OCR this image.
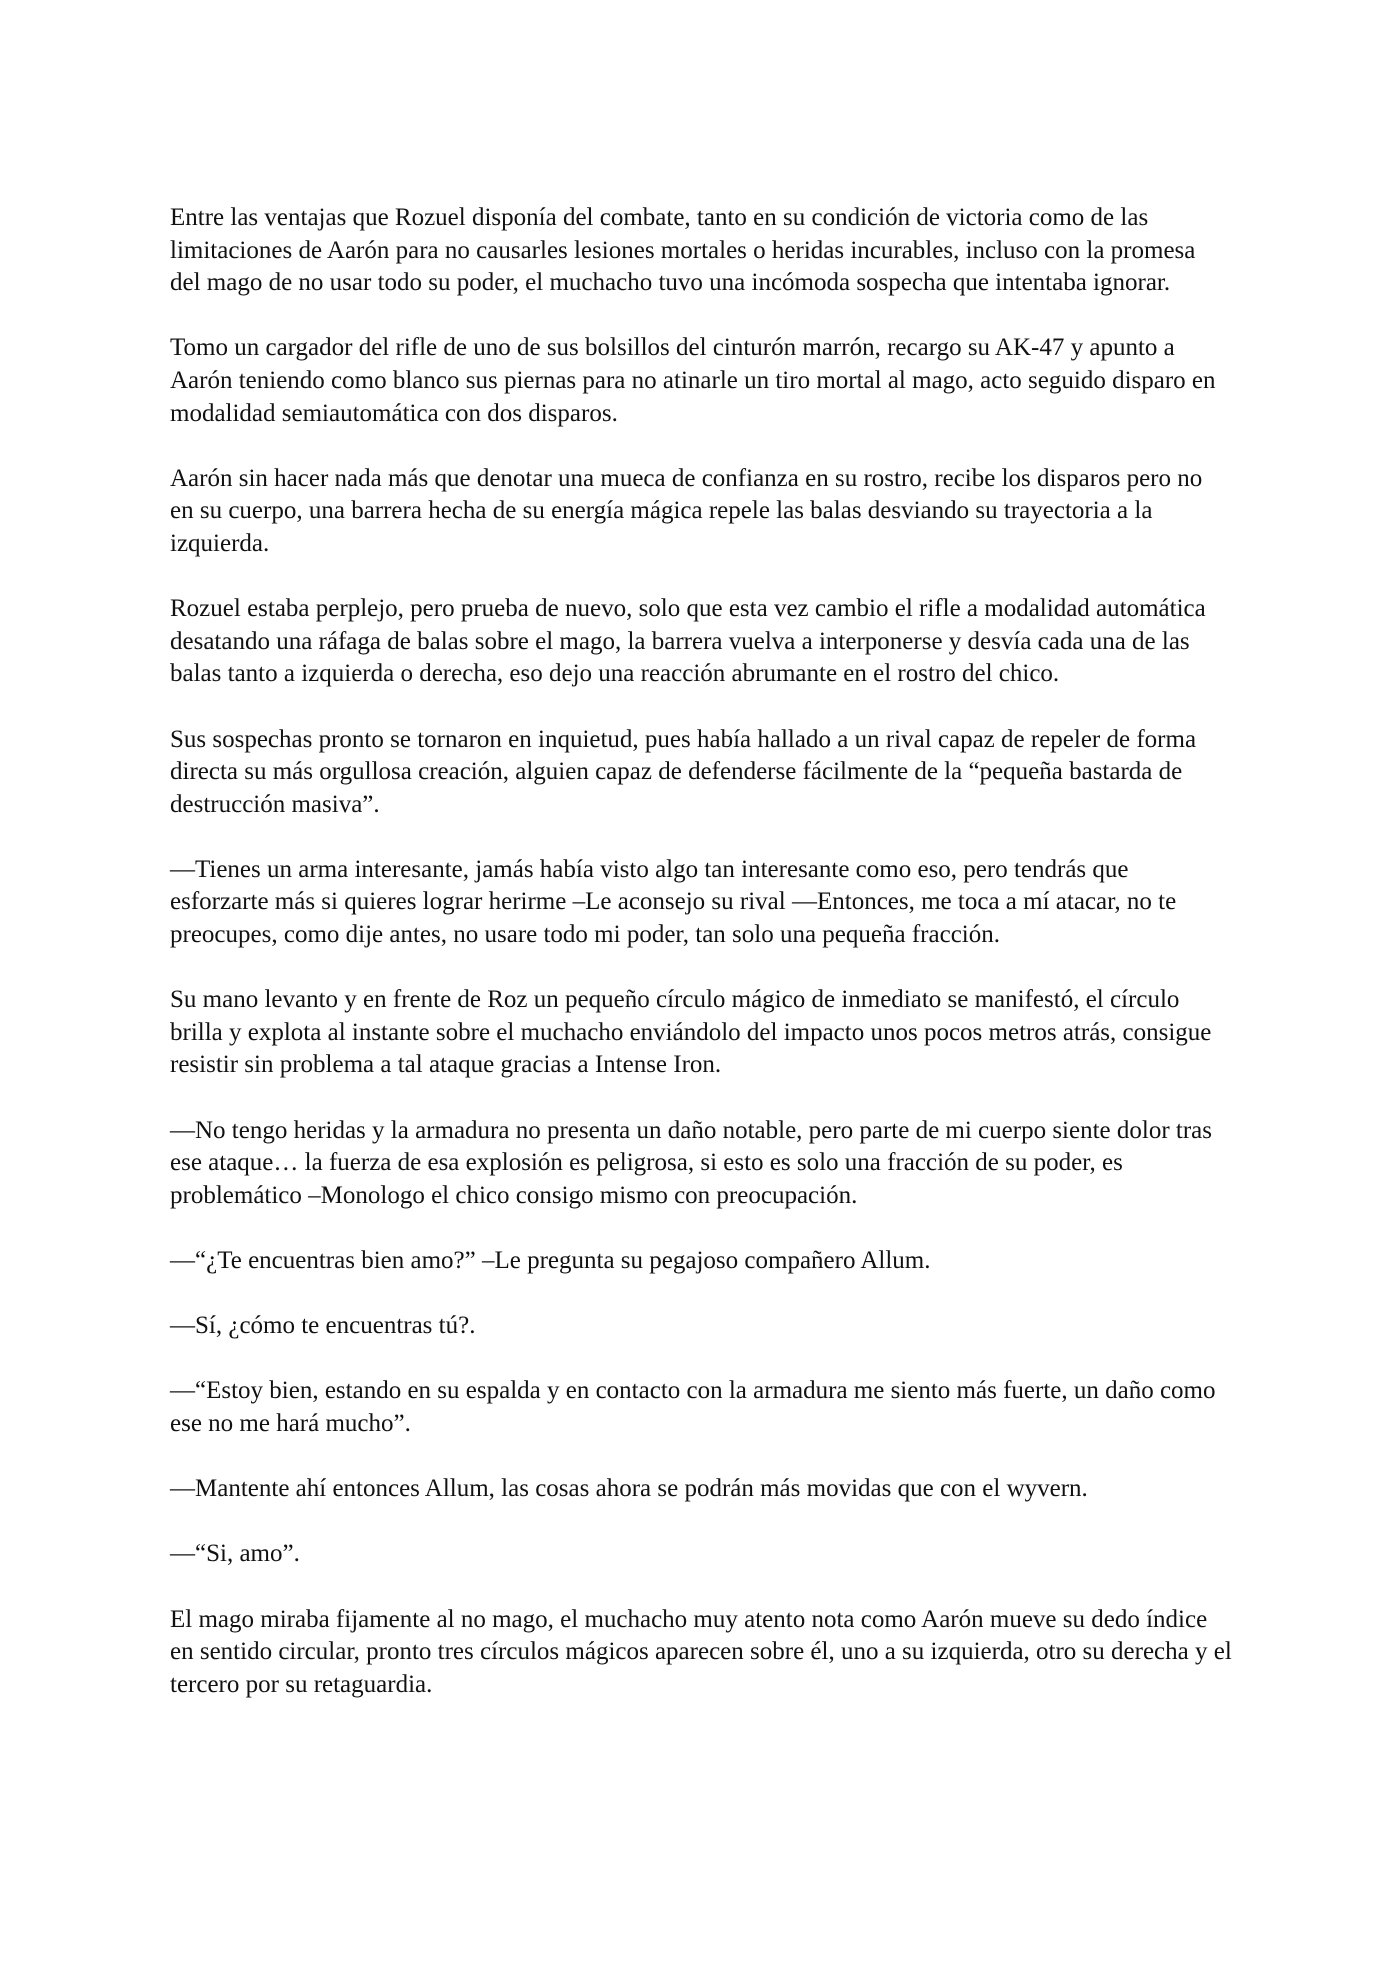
Entre las ventajas que Rozuel disponía del combate, tanto en su condición de victoria como de las limitaciones de Aarón para no causarles lesiones mortales o heridas incurables, incluso con la promesa del mago de no usar todo su poder, el muchacho tuvo una incómoda sospecha que intentaba ignorar.

Tomo un cargador del rifle de uno de sus bolsillos del cinturón marrón, recargo su AK-47 y apunto a Aarón teniendo como blanco sus piernas para no atinarle un tiro mortal al mago, acto seguido disparo en modalidad semiautomática con dos disparos.

Aarón sin hacer nada más que denotar una mueca de confianza en su rostro, recibe los disparos pero no en su cuerpo, una barrera hecha de su energía mágica repele las balas desviando su trayectoria a la izquierda.

Rozuel estaba perplejo, pero prueba de nuevo, solo que esta vez cambio el rifle a modalidad automática desatando una ráfaga de balas sobre el mago, la barrera vuelva a interponerse y desvía cada una de las balas tanto a izquierda o derecha, eso dejo una reacción abrumante en el rostro del chico.

Sus sospechas pronto se tornaron en inquietud, pues había hallado a un rival capaz de repeler de forma directa su más orgullosa creación, alguien capaz de defenderse fácilmente de la “pequeña bastarda de destrucción masiva”.

—Tienes un arma interesante, jamás había visto algo tan interesante como eso, pero tendrás que esforzarte más si quieres lograr herirme –Le aconsejo su rival —Entonces, me toca a mí atacar, no te preocupes, como dije antes, no usare todo mi poder, tan solo una pequeña fracción.

Su mano levanto y en frente de Roz un pequeño círculo mágico de inmediato se manifestó, el círculo brilla y explota al instante sobre el muchacho enviándolo del impacto unos pocos metros atrás, consigue resistir sin problema a tal ataque gracias a Intense Iron.

—No tengo heridas y la armadura no presenta un daño notable, pero parte de mi cuerpo siente dolor tras ese ataque… la fuerza de esa explosión es peligrosa, si esto es solo una fracción de su poder, es problemático –Monologo el chico consigo mismo con preocupación.

—“¿Te encuentras bien amo?” –Le pregunta su pegajoso compañero Allum.

—Sí, ¿cómo te encuentras tú?.

—“Estoy bien, estando en su espalda y en contacto con la armadura me siento más fuerte, un daño como ese no me hará mucho”.

—Mantente ahí entonces Allum, las cosas ahora se podrán más movidas que con el wyvern.

—“Si, amo”.

El mago miraba fijamente al no mago, el muchacho muy atento nota como Aarón mueve su dedo índice en sentido circular, pronto tres círculos mágicos aparecen sobre él, uno a su izquierda, otro su derecha y el tercero por su retaguardia.
